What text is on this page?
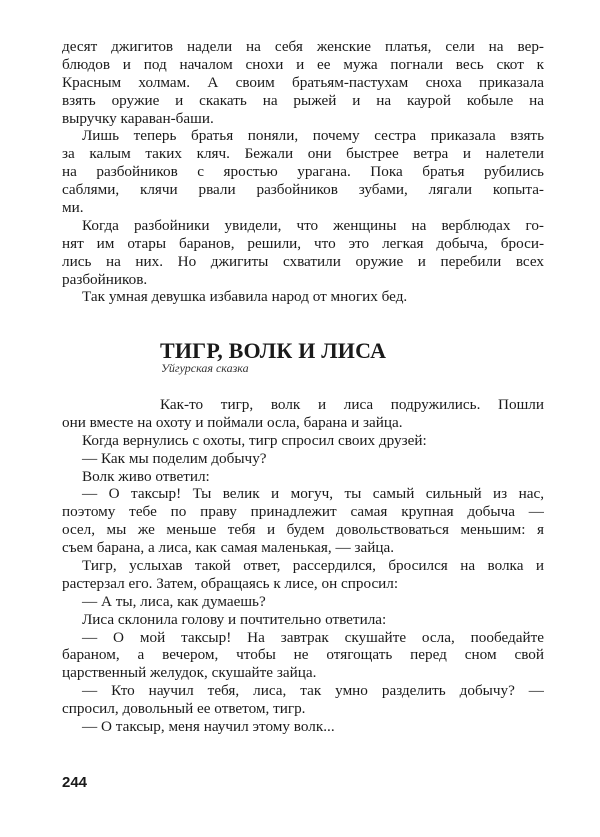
десят джигитов надели на себя женские платья, сели на вер-
блюдов и под началом снохи и ее мужа погнали весь скот к
Красным холмам. А своим братьям-пастухам сноха приказала
взять оружие и скакать на рыжей и на каурой кобыле на
выручку караван-баши.
Лишь теперь братья поняли, почему сестра приказала взять
за калым таких кляч. Бежали они быстрее ветра и налетели
на разбойников с яростью урагана. Пока братья рубились
саблями, клячи рвали разбойников зубами, лягали копыта-
ми.
Когда разбойники увидели, что женщины на верблюдах го-
нят им отары баранов, решили, что это легкая добыча, броси-
лись на них. Но джигиты схватили оружие и перебили всех
разбойников.
Так умная девушка избавила народ от многих бед.
ТИГР, ВОЛК И ЛИСА
Уйгурская сказка
Как-то тигр, волк и лиса подружились. Пошли
они вместе на охоту и поймали осла, барана и зайца.
Когда вернулись с охоты, тигр спросил своих друзей:
— Как мы поделим добычу?
Волк живо ответил:
— О таксыр! Ты велик и могуч, ты самый сильный из нас,
поэтому тебе по праву принадлежит самая крупная добыча —
осел, мы же меньше тебя и будем довольствоваться меньшим: я
съем барана, а лиса, как самая маленькая, — зайца.
Тигр, услыхав такой ответ, рассердился, бросился на волка и
растерзал его. Затем, обращаясь к лисе, он спросил:
— А ты, лиса, как думаешь?
Лиса склонила голову и почтительно ответила:
— О мой таксыр! На завтрак скушайте осла, пообедайте
бараном, а вечером, чтобы не отягощать перед сном свой
царственный желудок, скушайте зайца.
— Кто научил тебя, лиса, так умно разделить добычу? —
спросил, довольный ее ответом, тигр.
— О таксыр, меня научил этому волк...
244
